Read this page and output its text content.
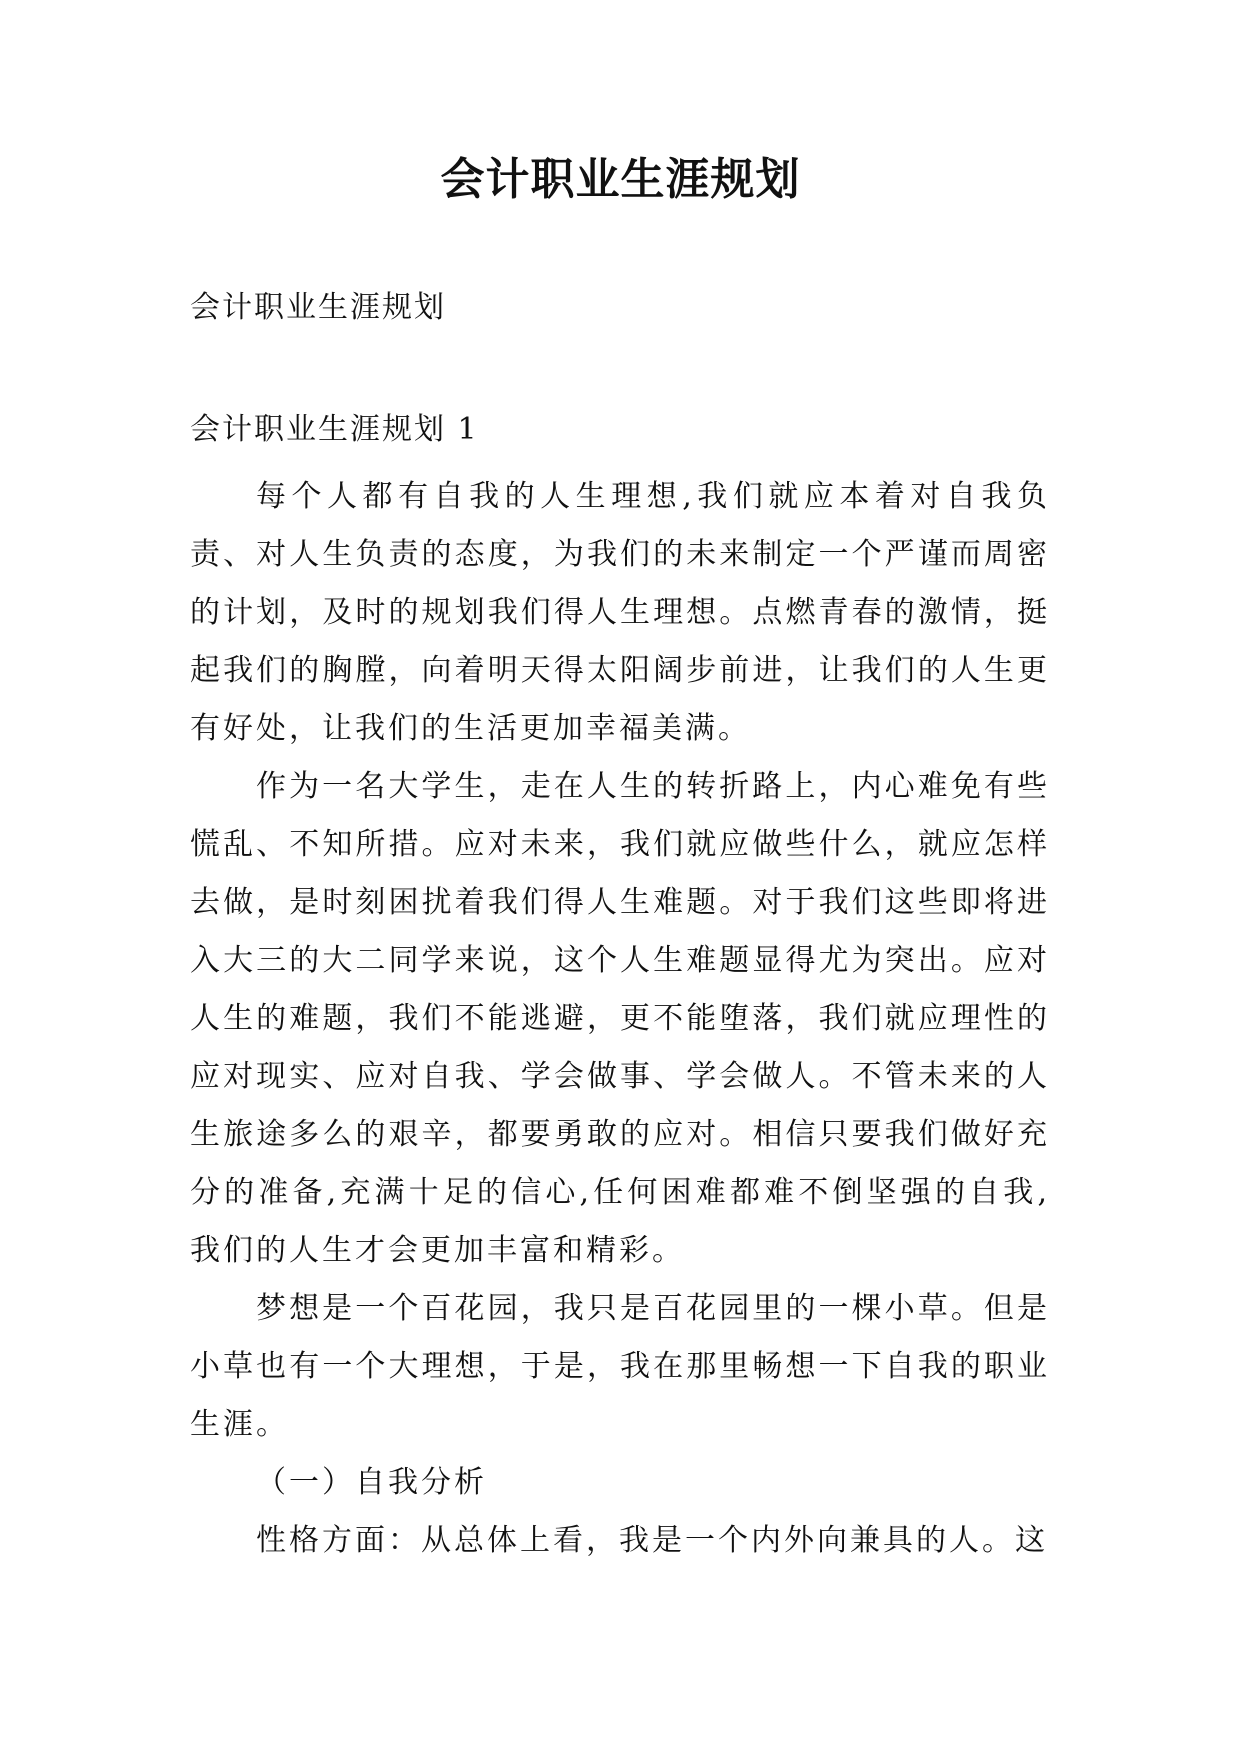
会计职业生涯规划
会计职业生涯规划
会计职业生涯规划 1

每个人都有自我的人生理想,我们就应本着对自我负责、对人生负责的态度，为我们的未来制定一个严谨而周密的计划，及时的规划我们得人生理想。点燃青春的激情，挺起我们的胸膛，向着明天得太阳阔步前进，让我们的人生更有好处，让我们的生活更加幸福美满。

作为一名大学生，走在人生的转折路上，内心难免有些慌乱、不知所措。应对未来，我们就应做些什么，就应怎样去做，是时刻困扰着我们得人生难题。对于我们这些即将进入大三的大二同学来说，这个人生难题显得尤为突出。应对人生的难题，我们不能逃避，更不能堕落，我们就应理性的应对现实、应对自我、学会做事、学会做人。不管未来的人生旅途多么的艰辛，都要勇敢的应对。相信只要我们做好充分的准备,充满十足的信心,任何困难都难不倒坚强的自我,我们的人生才会更加丰富和精彩。

梦想是一个百花园，我只是百花园里的一棵小草。但是小草也有一个大理想，于是，我在那里畅想一下自我的职业生涯。

（一）自我分析

性格方面：从总体上看，我是一个内外向兼具的人。这
